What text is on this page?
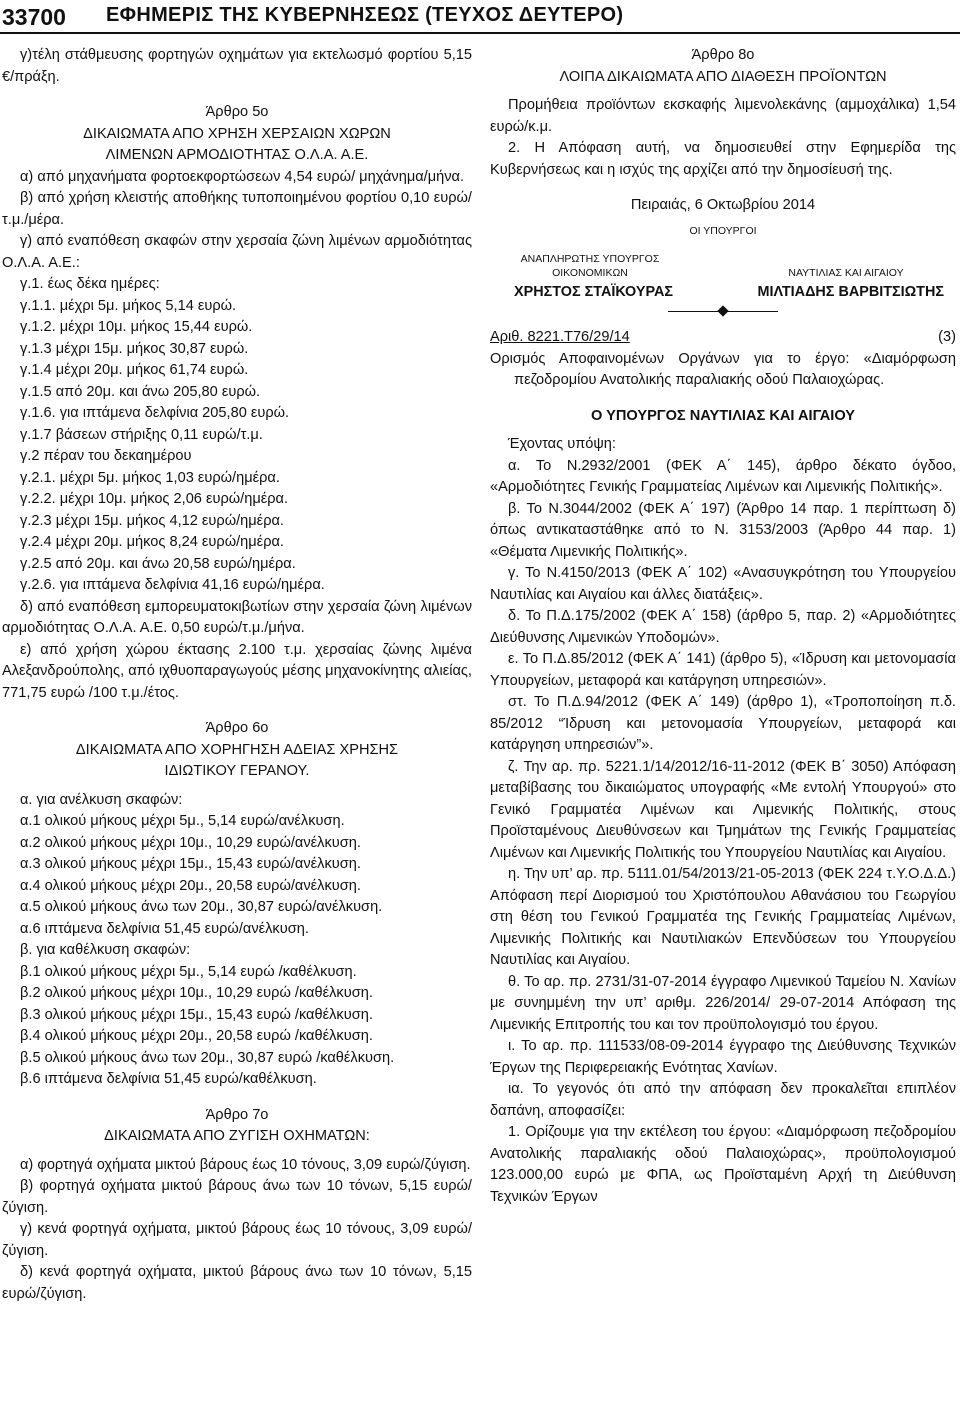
33700 ΕΦΗΜΕΡΙΣ ΤΗΣ ΚΥΒΕΡΝΗΣΕΩΣ (ΤΕΥΧΟΣ ΔΕΥΤΕΡΟ)

γ)τέλη στάθμευσης φορτηγών οχημάτων για εκτελωσμό φορτίου 5,15 €/πράξη.

Άρθρο 5ο

ΔΙΚΑΙΩΜΑΤΑ ΑΠΟ ΧΡΗΣΗ ΧΕΡΣΑΙΩΝ ΧΩΡΩΝ

ΛΙΜΕΝΩΝ ΑΡΜΟΔΙΟΤΗΤΑΣ Ο.Λ.Α. Α.Ε.

α) από μηχανήματα φορτοεκφορτώσεων 4,54 ευρώ/ μηχάνημα/μήνα.

β) από χρήση κλειστής αποθήκης τυποποιημένου φορτίου 0,10 ευρώ/τ.μ./μέρα.

γ) από εναπόθεση σκαφών στην χερσαία ζώνη λιμένων αρμοδιότητας Ο.Λ.Α. Α.Ε.:

γ.1. έως δέκα ημέρες:

γ.1.1. μέχρι 5μ. μήκος 5,14 ευρώ.

γ.1.2. μέχρι 10μ. μήκος 15,44 ευρώ.

γ.1.3 μέχρι 15μ. μήκος 30,87 ευρώ.

γ.1.4 μέχρι 20μ. μήκος 61,74 ευρώ.

γ.1.5 από 20μ. και άνω 205,80 ευρώ.

γ.1.6. για ιπτάμενα δελφίνια 205,80 ευρώ.

γ.1.7 βάσεων στήριξης 0,11 ευρώ/τ.μ.

γ.2 πέραν του δεκαημέρου

γ.2.1. μέχρι 5μ. μήκος 1,03 ευρώ/ημέρα.

γ.2.2. μέχρι 10μ. μήκος 2,06 ευρώ/ημέρα.

γ.2.3 μέχρι 15μ. μήκος 4,12 ευρώ/ημέρα.

γ.2.4 μέχρι 20μ. μήκος 8,24 ευρώ/ημέρα.

γ.2.5 από 20μ. και άνω 20,58 ευρώ/ημέρα.

γ.2.6. για ιπτάμενα δελφίνια 41,16 ευρώ/ημέρα.

δ) από εναπόθεση εμπορευματοκιβωτίων στην χερσαία ζώνη λιμένων αρμοδιότητας Ο.Λ.Α. Α.Ε. 0,50 ευρώ/τ.μ./μήνα.

ε) από χρήση χώρου έκτασης 2.100 τ.μ. χερσαίας ζώνης λιμένα Αλεξανδρούπολης, από ιχθυοπαραγωγούς μέσης μηχανοκίνητης αλιείας, 771,75 ευρώ /100 τ.μ./έτος.

Άρθρο 6ο

ΔΙΚΑΙΩΜΑΤΑ ΑΠΟ ΧΟΡΗΓΗΣΗ ΑΔΕΙΑΣ ΧΡΗΣΗΣ

ΙΔΙΩΤΙΚΟΥ ΓΕΡΑΝΟΥ.

α. για ανέλκυση σκαφών:

α.1 ολικού μήκους μέχρι 5μ., 5,14 ευρώ/ανέλκυση.

α.2 ολικού μήκους μέχρι 10μ., 10,29 ευρώ/ανέλκυση.

α.3 ολικού μήκους μέχρι 15μ., 15,43 ευρώ/ανέλκυση.

α.4 ολικού μήκους μέχρι 20μ., 20,58 ευρώ/ανέλκυση.

α.5 ολικού μήκους άνω των 20μ., 30,87 ευρώ/ανέλκυση.

α.6 ιπτάμενα δελφίνια 51,45 ευρώ/ανέλκυση.

β. για καθέλκυση σκαφών:

β.1 ολικού μήκους μέχρι 5μ., 5,14 ευρώ /καθέλκυση.

β.2 ολικού μήκους μέχρι 10μ., 10,29 ευρώ /καθέλκυση.

β.3 ολικού μήκους μέχρι 15μ., 15,43 ευρώ /καθέλκυση.

β.4 ολικού μήκους μέχρι 20μ., 20,58 ευρώ /καθέλκυση.

β.5 ολικού μήκους άνω των 20μ., 30,87 ευρώ /καθέλκυση.

β.6 ιπτάμενα δελφίνια 51,45 ευρώ/καθέλκυση.

Άρθρο 7ο

ΔΙΚΑΙΩΜΑΤΑ ΑΠΟ ΖΥΓΙΣΗ ΟΧΗΜΑΤΩΝ:

α) φορτηγά οχήματα μικτού βάρους έως 10 τόνους, 3,09 ευρώ/ζύγιση.

β) φορτηγά οχήματα μικτού βάρους άνω των 10 τόνων, 5,15 ευρώ/ζύγιση.

γ) κενά φορτηγά οχήματα, μικτού βάρους έως 10 τόνους, 3,09 ευρώ/ζύγιση.

δ) κενά φορτηγά οχήματα, μικτού βάρους άνω των 10 τόνων, 5,15 ευρώ/ζύγιση.

Άρθρο 8ο

ΛΟΙΠΑ ΔΙΚΑΙΩΜΑΤΑ ΑΠΟ ΔΙΑΘΕΣΗ ΠΡΟΪΟΝΤΩΝ

Προμήθεια προϊόντων εκσκαφής λιμενολεκάνης (αμμοχάλικα) 1,54 ευρώ/κ.μ.

2. Η Απόφαση αυτή, να δημοσιευθεί στην Εφημερίδα της Κυβερνήσεως και η ισχύς της αρχίζει από την δημοσίευσή της.

Πειραιάς, 6 Οκτωβρίου 2014

ΟΙ ΥΠΟΥΡΓΟΙ

ΑΝΑΠΛΗΡΩΤΗΣ ΥΠΟΥΡΓΟΣ
ΟΙΚΟΝΟΜΙΚΩΝ	ΝΑΥΤΙΛΙΑΣ ΚΑΙ ΑΙΓΑΙΟΥ
ΧΡΗΣΤΟΣ ΣΤΑΪΚΟΥΡΑΣ	ΜΙΛΤΙΑΔΗΣ ΒΑΡΒΙΤΣΙΩΤΗΣ
Αριθ. 8221.Τ76/29/14	(3)

Ορισμός Αποφαινομένων Οργάνων για το έργο: «Διαμόρφωση πεζοδρομίου Ανατολικής παραλιακής οδού Παλαιοχώρας.

Ο ΥΠΟΥΡΓΟΣ ΝΑΥΤΙΛΙΑΣ ΚΑΙ ΑΙΓΑΙΟΥ

Έχοντας υπόψη:

α. Το Ν.2932/2001 (ΦΕΚ Α΄ 145), άρθρο δέκατο όγδοο, «Αρμοδιότητες Γενικής Γραμματείας Λιμένων και Λιμενικής Πολιτικής».

β. Το Ν.3044/2002 (ΦΕΚ Α΄ 197) (Άρθρο 14 παρ. 1 περίπτωση δ) όπως αντικαταστάθηκε από το Ν. 3153/2003 (Άρθρο 44 παρ. 1) «Θέματα Λιμενικής Πολιτικής».

γ. Το Ν.4150/2013 (ΦΕΚ Α΄ 102) «Ανασυγκρότηση του Υπουργείου Ναυτιλίας και Αιγαίου και άλλες διατάξεις».

δ. Το Π.Δ.175/2002 (ΦΕΚ Α΄ 158) (άρθρο 5, παρ. 2) «Αρμοδιότητες Διεύθυνσης Λιμενικών Υποδομών».

ε. Το Π.Δ.85/2012 (ΦΕΚ Α΄ 141) (άρθρο 5), «Ίδρυση και μετονομασία Υπουργείων, μεταφορά και κατάργηση υπηρεσιών».

στ. Το Π.Δ.94/2012 (ΦΕΚ Α΄ 149) (άρθρο 1), «Τροποποίηση π.δ. 85/2012 “Ίδρυση και μετονομασία Υπουργείων, μεταφορά και κατάργηση υπηρεσιών”».

ζ. Την αρ. πρ. 5221.1/14/2012/16-11-2012 (ΦΕΚ Β΄ 3050) Απόφαση μεταβίβασης του δικαιώματος υπογραφής «Με εντολή Υπουργού» στο Γενικό Γραμματέα Λιμένων και Λιμενικής Πολιτικής, στους Προϊσταμένους Διευθύνσεων και Τμημάτων της Γενικής Γραμματείας Λιμένων και Λιμενικής Πολιτικής του Υπουργείου Ναυτιλίας και Αιγαίου.

η. Την υπ’ αρ. πρ. 5111.01/54/2013/21-05-2013 (ΦΕΚ 224 τ.Υ.Ο.Δ.Δ.) Απόφαση περί Διορισμού του Χριστόπουλου Αθανάσιου του Γεωργίου στη θέση του Γενικού Γραμματέα της Γενικής Γραμματείας Λιμένων, Λιμενικής Πολιτικής και Ναυτιλιακών Επενδύσεων του Υπουργείου Ναυτιλίας και Αιγαίου.

θ. Το αρ. πρ. 2731/31-07-2014 έγγραφο Λιμενικού Ταμείου Ν. Χανίων με συνημμένη την υπ’ αριθμ. 226/2014/ 29-07-2014 Απόφαση της Λιμενικής Επιτροπής του και τον προϋπολογισμό του έργου.

ι. Το αρ. πρ. 111533/08-09-2014 έγγραφο της Διεύθυνσης Τεχνικών Έργων της Περιφερειακής Ενότητας Χανίων.

ια. Το γεγονός ότι από την απόφαση δεν προκαλεῖται επιπλέον δαπάνη, αποφασίζει:

1. Ορίζουμε για την εκτέλεση του έργου: «Διαμόρφωση πεζοδρομίου Ανατολικής παραλιακής οδού Παλαιοχώρας», προϋπολογισμού 123.000,00 ευρώ με ΦΠΑ, ως Προϊσταμένη Αρχή τη Διεύθυνση Τεχνικών Έργων
